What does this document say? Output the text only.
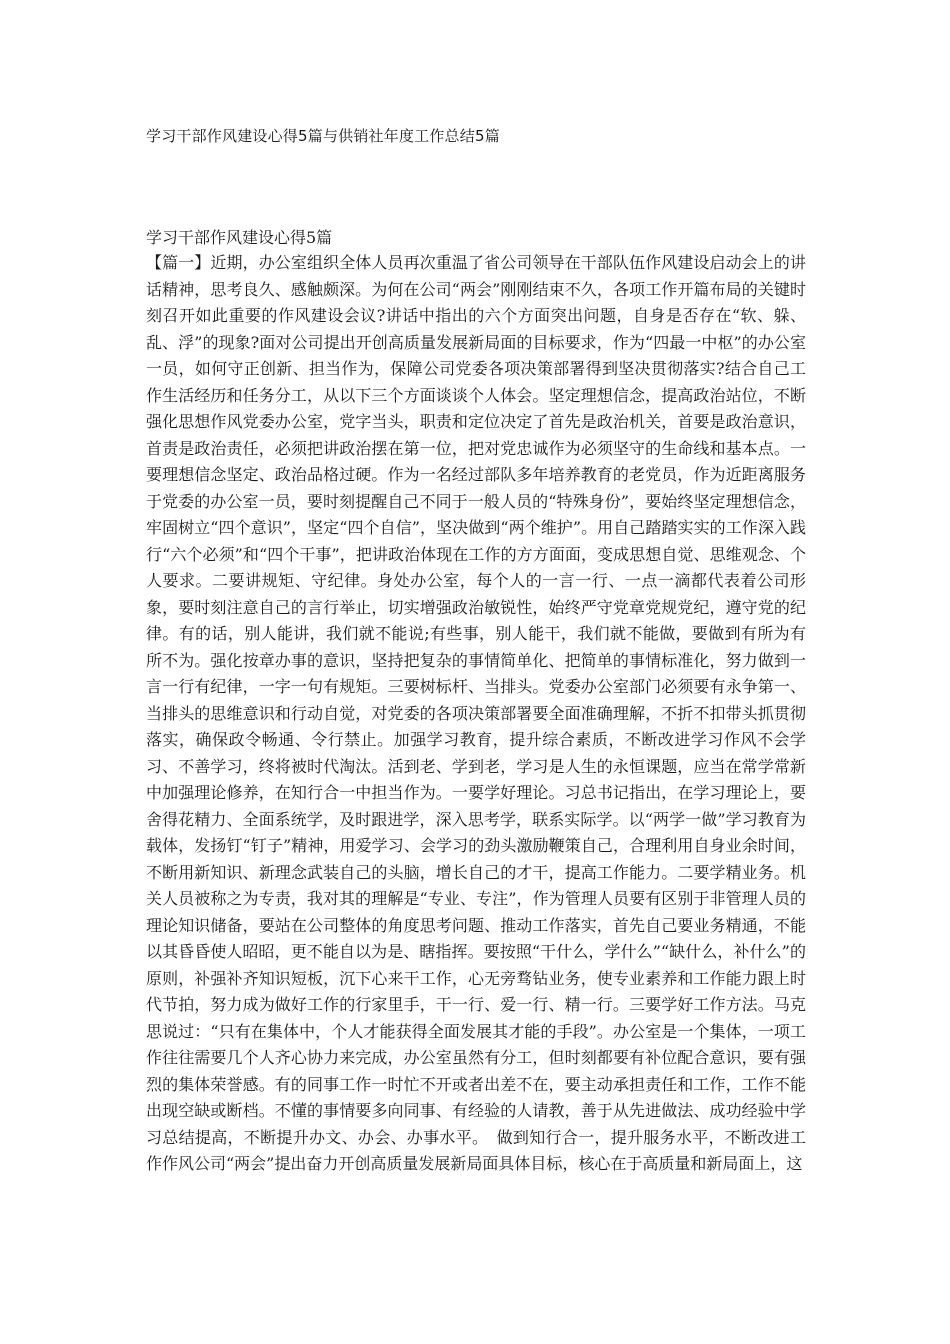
学习干部作风建设心得5篇与供销社年度工作总结5篇
学习干部作风建设心得5篇

【篇一】近期，办公室组织全体人员再次重温了省公司领导在干部队伍作风建设启动会上的讲话精神，思考良久、感触颇深。为何在公司“两会”刚刚结束不久，各项工作开篇布局的关键时刻召开如此重要的作风建设会议?讲话中指出的六个方面突出问题，自身是否存在“软、躲、乱、浮”的现象?面对公司提出开创高质量发展新局面的目标要求，作为“四最一中枢”的办公室一员，如何守正创新、担当作为，保障公司党委各项决策部署得到坚决贯彻落实?结合自己工作生活经历和任务分工，从以下三个方面谈谈个人体会。坚定理想信念，提高政治站位，不断强化思想作风党委办公室，党字当头，职责和定位决定了首先是政治机关，首要是政治意识，首责是政治责任，必须把讲政治摆在第一位，把对党忠诚作为必须坚守的生命线和基本点。一要理想信念坚定、政治品格过硬。作为一名经过部队多年培养教育的老党员，作为近距离服务于党委的办公室一员，要时刻提醒自己不同于一般人员的“特殊身份”，要始终坚定理想信念，牢固树立“四个意识”，坚定“四个自信”，坚决做到“两个维护”。用自己踏踏实实的工作深入践行“六个必须”和“四个干事”，把讲政治体现在工作的方方面面，变成思想自觉、思维观念、个人要求。二要讲规矩、守纪律。身处办公室，每个人的一言一行、一点一滴都代表着公司形象，要时刻注意自己的言行举止，切实增强政治敏锐性，始终严守党章党规党纪，遵守党的纪律。有的话，别人能讲，我们就不能说;有些事，别人能干，我们就不能做，要做到有所为有所不为。强化按章办事的意识，坚持把复杂的事情简单化、把简单的事情标准化，努力做到一言一行有纪律，一字一句有规矩。三要树标杆、当排头。党委办公室部门必须要有永争第一、当排头的思维意识和行动自觉，对党委的各项决策部署要全面准确理解，不折不扣带头抓贯彻落实，确保政令畅通、令行禁止。加强学习教育，提升综合素质，不断改进学习作风不会学习、不善学习，终将被时代淘汰。活到老、学到老，学习是人生的永恒课题，应当在常学常新中加强理论修养，在知行合一中担当作为。一要学好理论。习总书记指出，在学习理论上，要舍得花精力、全面系统学，及时跟进学，深入思考学，联系实际学。以“两学一做”学习教育为载体，发扬钉“钉子”精神，用爱学习、会学习的劲头激励鞭策自己，合理利用自身业余时间，不断用新知识、新理念武装自己的头脑，增长自己的才干，提高工作能力。二要学精业务。机关人员被称之为专责，我对其的理解是“专业、专注”，作为管理人员要有区别于非管理人员的理论知识储备，要站在公司整体的角度思考问题、推动工作落实，首先自己要业务精通，不能以其昏昏使人昭昭，更不能自以为是、瞎指挥。要按照“干什么，学什么”“缺什么，补什么”的原则，补强补齐知识短板，沉下心来干工作，心无旁骛钻业务，使专业素养和工作能力跟上时代节拍，努力成为做好工作的行家里手，干一行、爱一行、精一行。三要学好工作方法。马克思说过：“只有在集体中，个人才能获得全面发展其才能的手段”。办公室是一个集体，一项工作往往需要几个人齐心协力来完成，办公室虽然有分工，但时刻都要有补位配合意识，要有强烈的集体荣誉感。有的同事工作一时忙不开或者出差不在，要主动承担责任和工作，工作不能出现空缺或断档。不懂的事情要多向同事、有经验的人请教，善于从先进做法、成功经验中学习总结提高，不断提升办文、办会、办事水平。　做到知行合一，提升服务水平，不断改进工作作风公司“两会”提出奋力开创高质量发展新局面具体目标，核心在于高质量和新局面上，这
